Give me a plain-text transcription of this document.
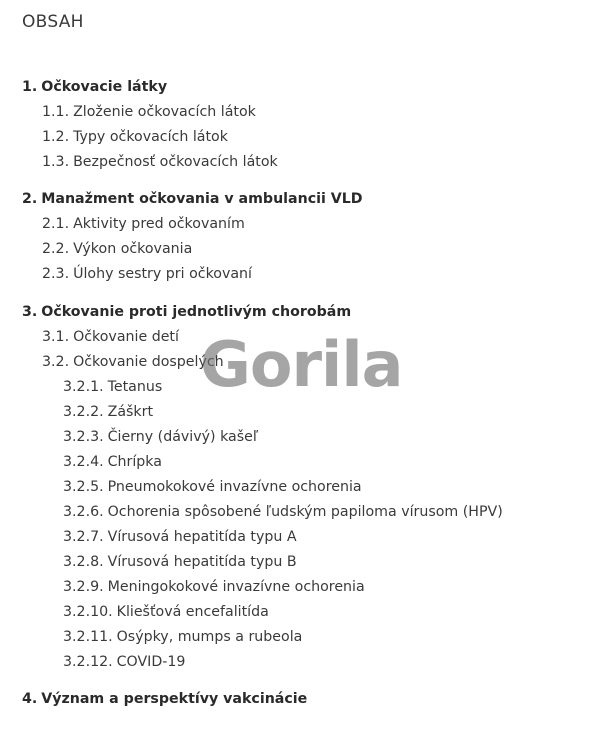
OBSAH
1. Očkovacie látky
1.1. Zloženie očkovacích látok
1.2. Typy očkovacích látok
1.3. Bezpečnosť očkovacích látok
2. Manažment očkovania v ambulancii VLD
2.1. Aktivity pred očkovaním
2.2. Výkon očkovania
2.3. Úlohy sestry pri očkovaní
3. Očkovanie proti jednotlivým chorobám
3.1. Očkovanie detí
3.2. Očkovanie dospelých
3.2.1. Tetanus
3.2.2. Záškrt
3.2.3. Čierny (dávivý) kašeľ
3.2.4. Chrípka
3.2.5. Pneumokokové invazívne ochorenia
3.2.6. Ochorenia spôsobené ľudským papiloma vírusom (HPV)
3.2.7. Vírusová hepatitída typu A
3.2.8. Vírusová hepatitída typu B
3.2.9. Meningokokové invazívne ochorenia
3.2.10. Kliešťová encefalitída
3.2.11. Osýpky, mumps a rubeola
3.2.12. COVID-19
4. Význam a perspektívy vakcinácie
Gorila
